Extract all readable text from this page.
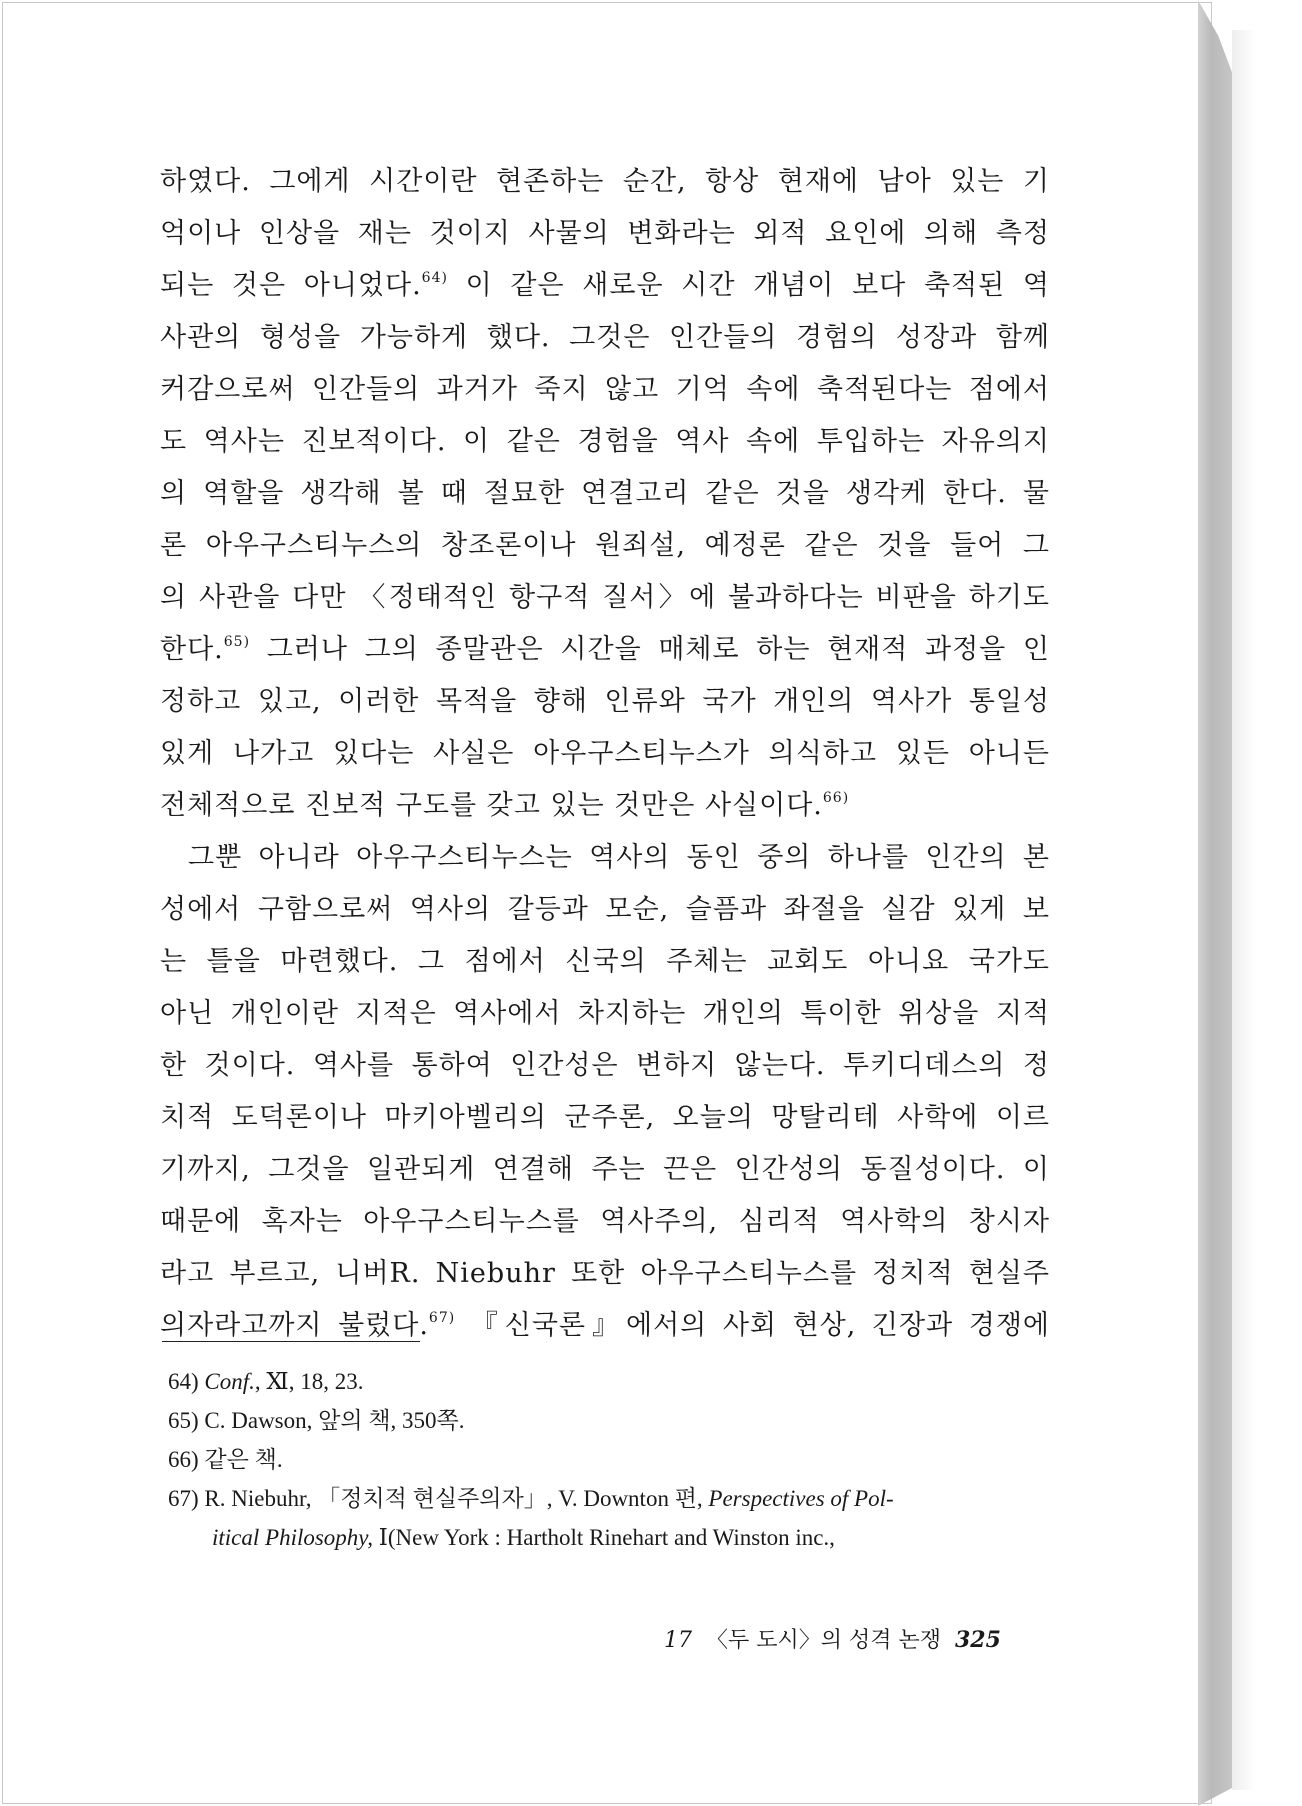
하였다. 그에게 시간이란 현존하는 순간, 항상 현재에 남아 있는 기
억이나 인상을 재는 것이지 사물의 변화라는 외적 요인에 의해 측정
되는 것은 아니었다.$^{64)}$ 이 같은 새로운 시간 개념이 보다 축적된 역
사관의 형성을 가능하게 했다. 그것은 인간들의 경험의 성장과 함께
커감으로써 인간들의 과거가 죽지 않고 기억 속에 축적된다는 점에서
도 역사는 진보적이다. 이 같은 경험을 역사 속에 투입하는 자유의지
의 역할을 생각해 볼 때 절묘한 연결고리 같은 것을 생각케 한다. 물
론 아우구스티누스의 창조론이나 원죄설, 예정론 같은 것을 들어 그
의 사관을 다만 〈정태적인 항구적 질서〉에 불과하다는 비판을 하기도
한다.$^{65)}$ 그러나 그의 종말관은 시간을 매체로 하는 현재적 과정을 인
정하고 있고, 이러한 목적을 향해 인류와 국가 개인의 역사가 통일성
있게 나가고 있다는 사실은 아우구스티누스가 의식하고 있든 아니든
전체적으로 진보적 구도를 갖고 있는 것만은 사실이다.$^{66)}$
그뿐 아니라 아우구스티누스는 역사의 동인 중의 하나를 인간의 본
성에서 구함으로써 역사의 갈등과 모순, 슬픔과 좌절을 실감 있게 보
는 틀을 마련했다. 그 점에서 신국의 주체는 교회도 아니요 국가도
아닌 개인이란 지적은 역사에서 차지하는 개인의 특이한 위상을 지적
한 것이다. 역사를 통하여 인간성은 변하지 않는다. 투키디데스의 정
치적 도덕론이나 마키아벨리의 군주론, 오늘의 망탈리테 사학에 이르
기까지, 그것을 일관되게 연결해 주는 끈은 인간성의 동질성이다. 이
때문에 혹자는 아우구스티누스를 역사주의, 심리적 역사학의 창시자
라고 부르고, 니버R. Niebuhr 또한 아우구스티누스를 정치적 현실주
의자라고까지 불렀다.$^{67)}$ 『신국론』에서의 사회 현상, 긴장과 경쟁에
64) Conf., Ⅺ, 18, 23.
65) C. Dawson, 앞의 책, 350쪽.
66) 같은 책.
67) R. Niebuhr, 「정치적 현실주의자」, V. Downton 편, Perspectives of Pol-
itical Philosophy, Ⅰ(New York : Hartholt Rinehart and Winston inc.,
17 〈두 도시〉의 성격 논쟁 325
